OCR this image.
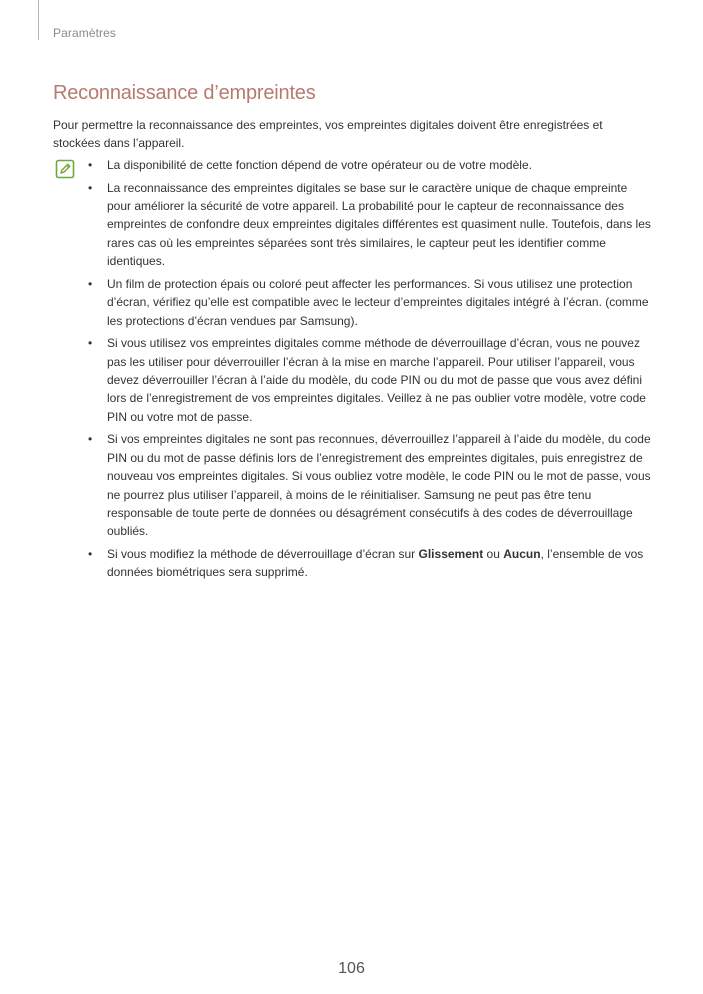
Paramètres
Reconnaissance d’empreintes

Pour permettre la reconnaissance des empreintes, vos empreintes digitales doivent être enregistrées et stockées dans l’appareil.

•	La disponibilité de cette fonction dépend de votre opérateur ou de votre modèle.
•	La reconnaissance des empreintes digitales se base sur le caractère unique de chaque empreinte pour améliorer la sécurité de votre appareil. La probabilité pour le capteur de reconnaissance des empreintes de confondre deux empreintes digitales différentes est quasiment nulle. Toutefois, dans les rares cas où les empreintes séparées sont très similaires, le capteur peut les identifier comme identiques.
•	Un film de protection épais ou coloré peut affecter les performances. Si vous utilisez une protection d’écran, vérifiez qu’elle est compatible avec le lecteur d’empreintes digitales intégré à l’écran. (comme les protections d’écran vendues par Samsung).
•	Si vous utilisez vos empreintes digitales comme méthode de déverrouillage d’écran, vous ne pouvez pas les utiliser pour déverrouiller l’écran à la mise en marche l’appareil. Pour utiliser l’appareil, vous devez déverrouiller l’écran à l’aide du modèle, du code PIN ou du mot de passe que vous avez défini lors de l’enregistrement de vos empreintes digitales. Veillez à ne pas oublier votre modèle, votre code PIN ou votre mot de passe.
•	Si vos empreintes digitales ne sont pas reconnues, déverrouillez l’appareil à l’aide du modèle, du code PIN ou du mot de passe définis lors de l’enregistrement des empreintes digitales, puis enregistrez de nouveau vos empreintes digitales. Si vous oubliez votre modèle, le code PIN ou le mot de passe, vous ne pourrez plus utiliser l’appareil, à moins de le réinitialiser. Samsung ne peut pas être tenu responsable de toute perte de données ou désagrément consécutifs à des codes de déverrouillage oubliés.
•	Si vous modifiez la méthode de déverrouillage d’écran sur Glissement ou Aucun, l’ensemble de vos données biométriques sera supprimé.
106
